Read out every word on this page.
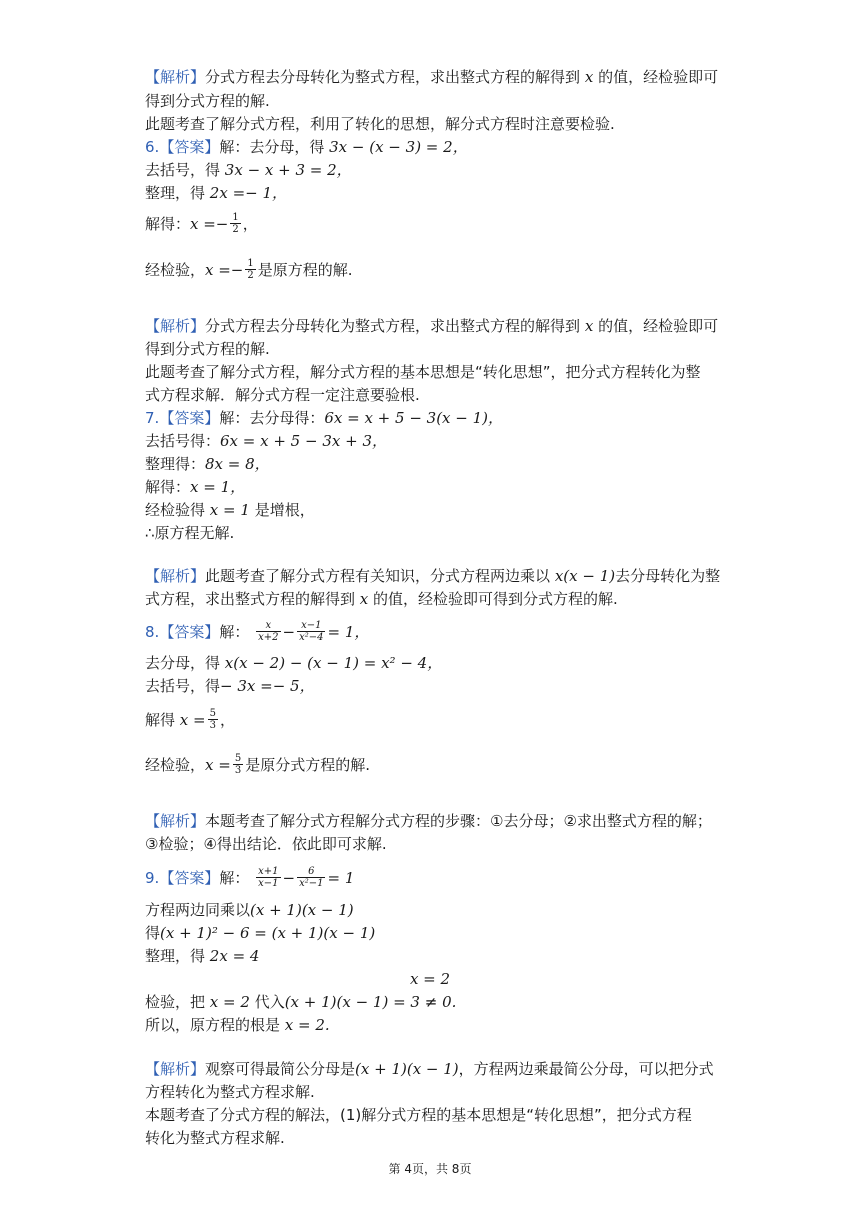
【解析】分式方程去分母转化为整式方程，求出整式方程的解得到 x 的值，经检验即可
得到分式方程的解.
此题考查了解分式方程，利用了转化的思想，解分式方程时注意要检验.
6.【答案】解：去分母，得 3x − (x − 3) = 2，
去括号，得 3x − x + 3 = 2，
整理，得 2x =− 1，
解得：$x =- \frac{1}{2}$ ，
经检验，$x =- \frac{1}{2}$ 是原方程的解.
【解析】分式方程去分母转化为整式方程，求出整式方程的解得到 x 的值，经检验即可
得到分式方程的解.
此题考查了解分式方程，解分式方程的基本思想是“转化思想”，把分式方程转化为整
式方程求解．解分式方程一定注意要验根.
7.【答案】解：去分母得：6x = x + 5 − 3(x − 1)，
去括号得：6x = x + 5 − 3x + 3，
整理得：8x = 8，
解得：x = 1，
经检验得 x = 1 是增根，
∴原方程无解.
【解析】此题考查了解分式方程有关知识，分式方程两边乘以 x(x − 1)去分母转化为整
式方程，求出整式方程的解得到 x 的值，经检验即可得到分式方程的解.
8.【答案】解： $\frac{x}{x+2} - \frac{x-1}{\text{x²−4}} = 1$，
去分母，得 x(x − 2) − (x − 1) = x² − 4，
去括号，得− 3x =− 5，
解得 $x = \frac{5}{3}$ ，
经检验，$x = \frac{5}{3}$ 是原分式方程的解.
【解析】本题考查了解分式方程解分式方程的步骤：①去分母；②求出整式方程的解；
③检验；④得出结论．依此即可求解.
9.【答案】解： $\frac{x+1}{x-1} - \frac{6}{\text{x²−1}} = 1$
方程两边同乘以(x + 1)(x − 1)
得(x + 1)² − 6 = (x + 1)(x − 1)
整理，得 2x = 4
x = 2
检验，把 x = 2 代入(x + 1)(x − 1) = 3 ≠ 0.
所以，原方程的根是 x = 2.
【解析】观察可得最简公分母是(x + 1)(x − 1)，方程两边乘最简公分母，可以把分式
方程转化为整式方程求解.
本题考查了分式方程的解法，(1)解分式方程的基本思想是“转化思想”，把分式方程
转化为整式方程求解.
第 4页，共 8页
